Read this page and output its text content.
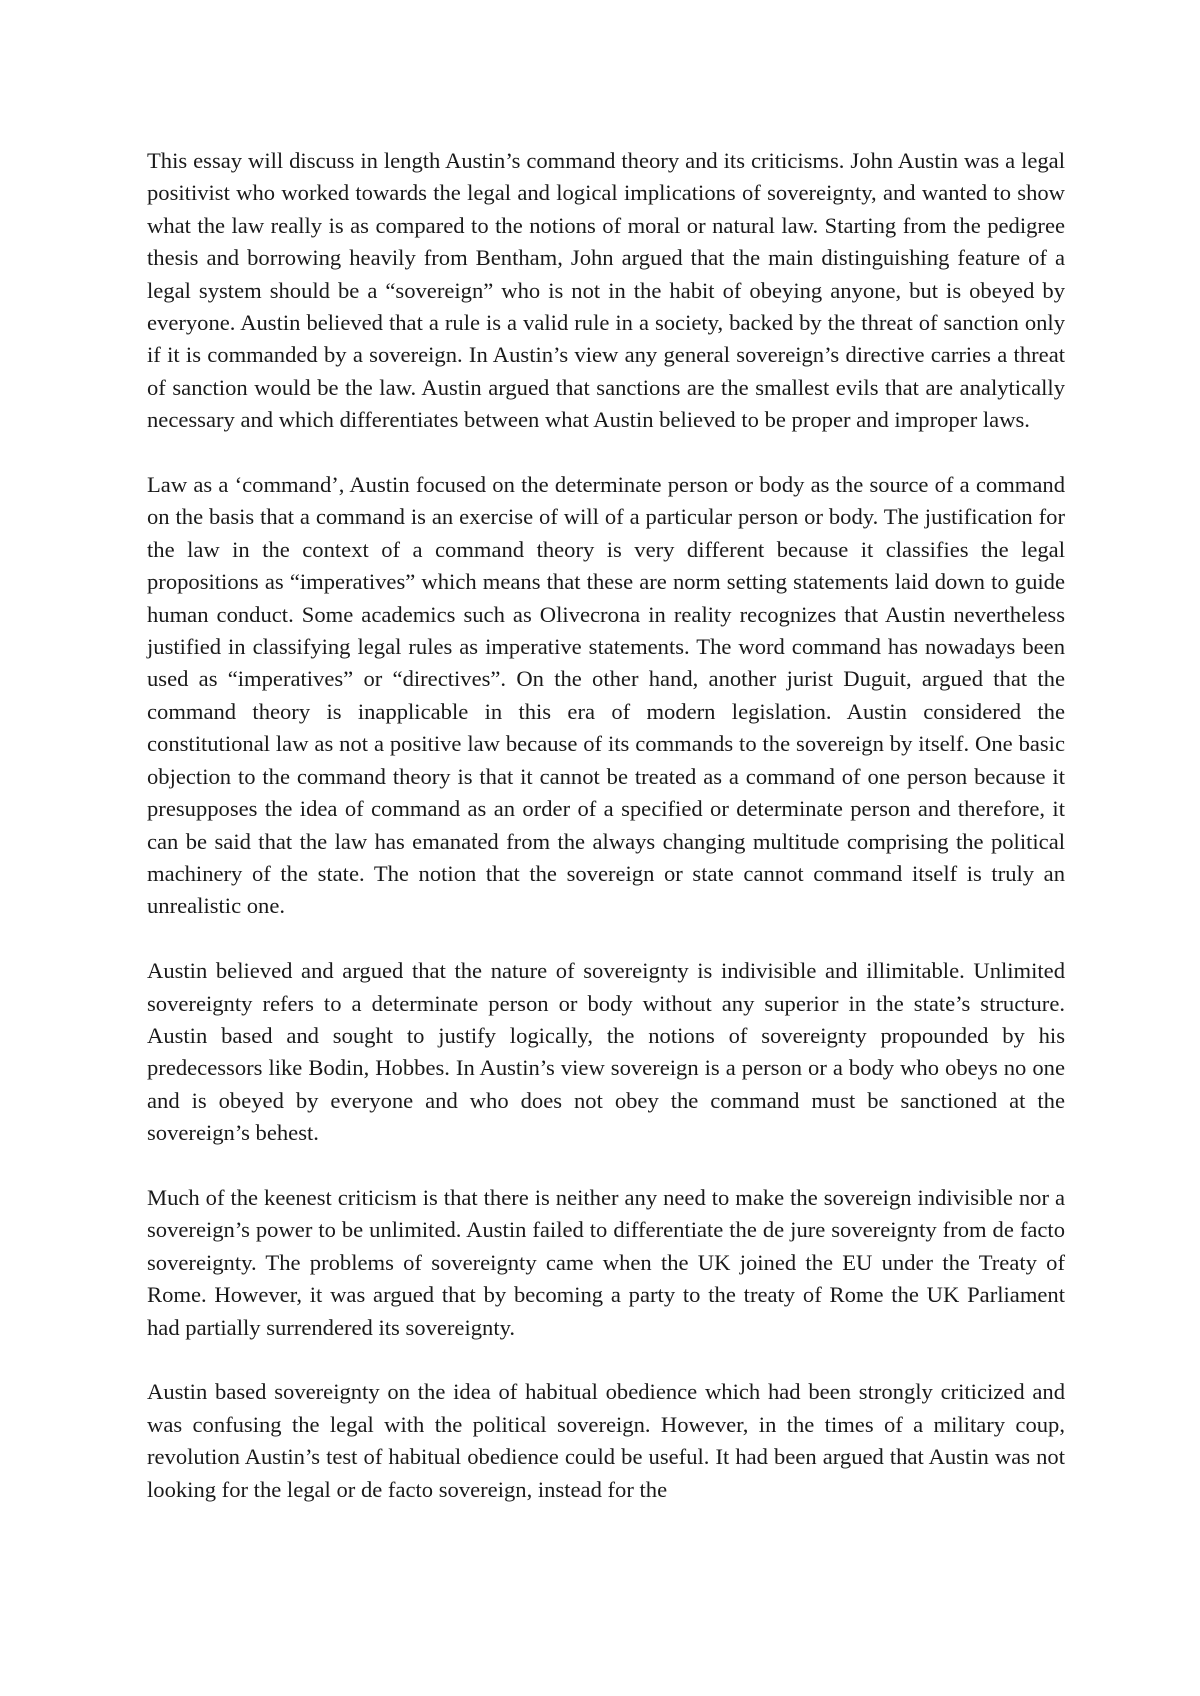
This essay will discuss in length Austin’s command theory and its criticisms. John Austin was a legal positivist who worked towards the legal and logical implications of sovereignty, and wanted to show what the law really is as compared to the notions of moral or natural law. Starting from the pedigree thesis and borrowing heavily from Bentham, John argued that the main distinguishing feature of a legal system should be a “sovereign” who is not in the habit of obeying anyone, but is obeyed by everyone. Austin believed that a rule is a valid rule in a society, backed by the threat of sanction only if it is commanded by a sovereign. In Austin’s view any general sovereign’s directive carries a threat of sanction would be the law. Austin argued that sanctions are the smallest evils that are analytically necessary and which differentiates between what Austin believed to be proper and improper laws.

Law as a ‘command’, Austin focused on the determinate person or body as the source of a command on the basis that a command is an exercise of will of a particular person or body. The justification for the law in the context of a command theory is very different because it classifies the legal propositions as “imperatives” which means that these are norm setting statements laid down to guide human conduct. Some academics such as Olivecrona in reality recognizes that Austin nevertheless justified in classifying legal rules as imperative statements. The word command has nowadays been used as “imperatives” or “directives”. On the other hand, another jurist Duguit, argued that the command theory is inapplicable in this era of modern legislation. Austin considered the constitutional law as not a positive law because of its commands to the sovereign by itself. One basic objection to the command theory is that it cannot be treated as a command of one person because it presupposes the idea of command as an order of a specified or determinate person and therefore, it can be said that the law has emanated from the always changing multitude comprising the political machinery of the state. The notion that the sovereign or state cannot command itself is truly an unrealistic one.

Austin believed and argued that the nature of sovereignty is indivisible and illimitable. Unlimited sovereignty refers to a determinate person or body without any superior in the state’s structure. Austin based and sought to justify logically, the notions of sovereignty propounded by his predecessors like Bodin, Hobbes. In Austin’s view sovereign is a person or a body who obeys no one and is obeyed by everyone and who does not obey the command must be sanctioned at the sovereign’s behest.

Much of the keenest criticism is that there is neither any need to make the sovereign indivisible nor a sovereign’s power to be unlimited. Austin failed to differentiate the de jure sovereignty from de facto sovereignty. The problems of sovereignty came when the UK joined the EU under the Treaty of Rome. However, it was argued that by becoming a party to the treaty of Rome the UK Parliament had partially surrendered its sovereignty.

Austin based sovereignty on the idea of habitual obedience which had been strongly criticized and was confusing the legal with the political sovereign. However, in the times of a military coup, revolution Austin’s test of habitual obedience could be useful. It had been argued that Austin was not looking for the legal or de facto sovereign, instead for the
